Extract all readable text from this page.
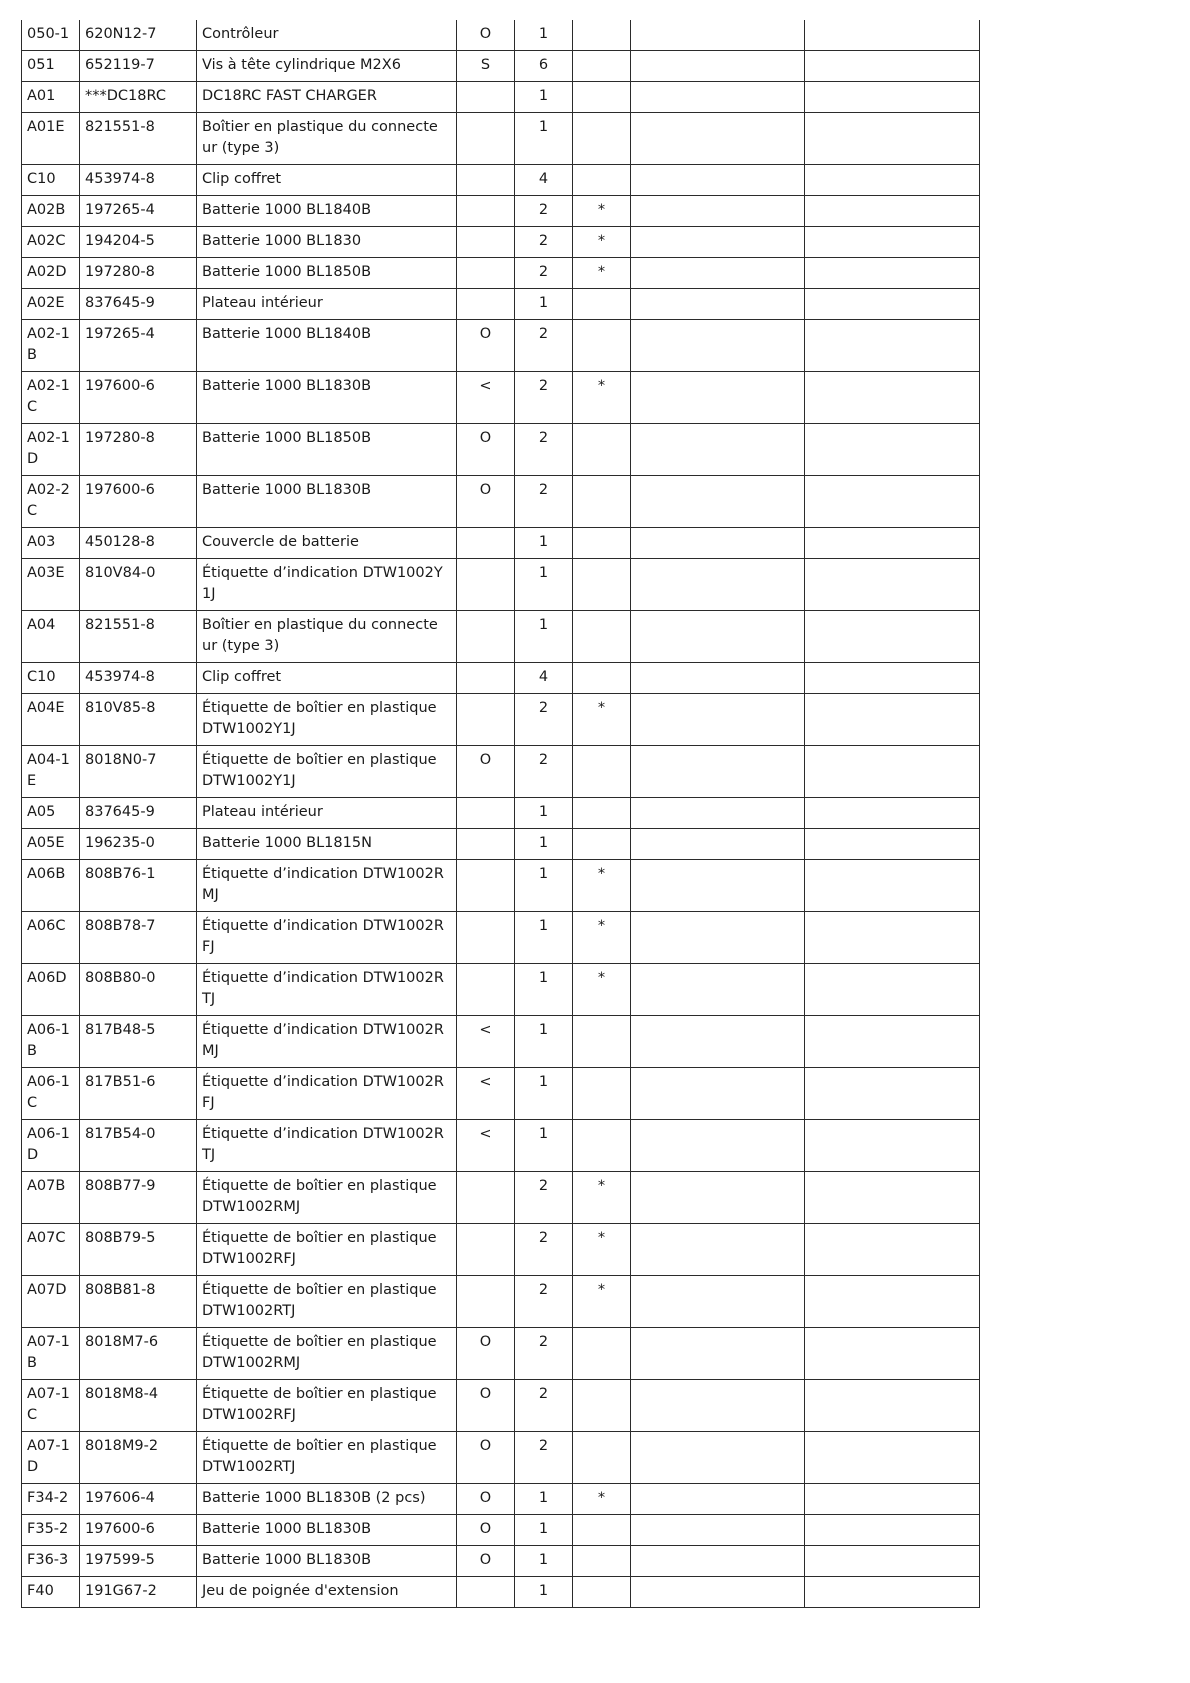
050-1	620N12-7	Contrôleur	O	1			
051	652119-7	Vis à tête cylindrique M2X6	S	6			
A01	***DC18RC	DC18RC FAST CHARGER		1			
A01E	821551-8	Boîtier en plastique du connecte ur (type 3)		1			
C10	453974-8	Clip coffret		4			
A02B	197265-4	Batterie 1000 BL1840B		2	*		
A02C	194204-5	Batterie 1000 BL1830		2	*		
A02D	197280-8	Batterie 1000 BL1850B		2	*		
A02E	837645-9	Plateau intérieur		1			
A02-1 B	197265-4	Batterie 1000 BL1840B	O	2			
A02-1 C	197600-6	Batterie 1000 BL1830B	<	2	*		
A02-1 D	197280-8	Batterie 1000 BL1850B	O	2			
A02-2 C	197600-6	Batterie 1000 BL1830B	O	2			
A03	450128-8	Couvercle de batterie		1			
A03E	810V84-0	Étiquette d’indication DTW1002Y 1J		1			
A04	821551-8	Boîtier en plastique du connecte ur (type 3)		1			
C10	453974-8	Clip coffret		4			
A04E	810V85-8	Étiquette de boîtier en plastique DTW1002Y1J		2	*		
A04-1 E	8018N0-7	Étiquette de boîtier en plastique DTW1002Y1J	O	2			
A05	837645-9	Plateau intérieur		1			
A05E	196235-0	Batterie 1000 BL1815N		1			
A06B	808B76-1	Étiquette d’indication DTW1002R MJ		1	*		
A06C	808B78-7	Étiquette d’indication DTW1002R FJ		1	*		
A06D	808B80-0	Étiquette d’indication DTW1002R TJ		1	*		
A06-1 B	817B48-5	Étiquette d’indication DTW1002R MJ	<	1			
A06-1 C	817B51-6	Étiquette d’indication DTW1002R FJ	<	1			
A06-1 D	817B54-0	Étiquette d’indication DTW1002R TJ	<	1			
A07B	808B77-9	Étiquette de boîtier en plastique DTW1002RMJ		2	*		
A07C	808B79-5	Étiquette de boîtier en plastique DTW1002RFJ		2	*		
A07D	808B81-8	Étiquette de boîtier en plastique DTW1002RTJ		2	*		
A07-1 B	8018M7-6	Étiquette de boîtier en plastique DTW1002RMJ	O	2			
A07-1 C	8018M8-4	Étiquette de boîtier en plastique DTW1002RFJ	O	2			
A07-1 D	8018M9-2	Étiquette de boîtier en plastique DTW1002RTJ	O	2			
F34-2	197606-4	Batterie 1000 BL1830B (2 pcs)	O	1	*		
F35-2	197600-6	Batterie 1000 BL1830B	O	1			
F36-3	197599-5	Batterie 1000 BL1830B	O	1			
F40	191G67-2	Jeu de poignée d'extension		1			
